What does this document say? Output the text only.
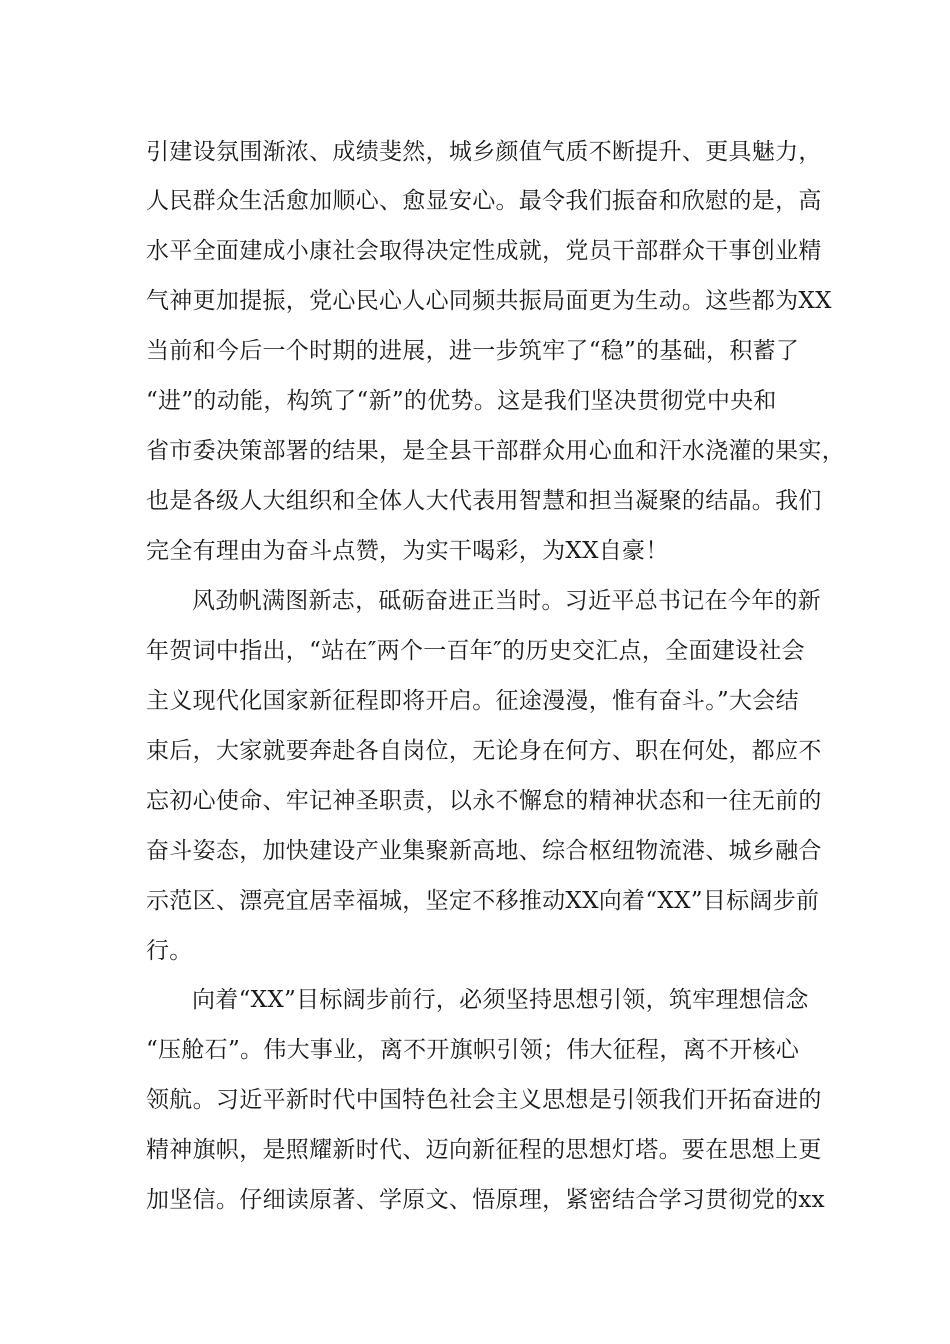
引建设氛围渐浓、成绩斐然，城乡颜值气质不断提升、更具魅力，
人民群众生活愈加顺心、愈显安心。最令我们振奋和欣慰的是，高
水平全面建成小康社会取得决定性成就，党员干部群众干事创业精
气神更加提振，党心民心人心同频共振局面更为生动。这些都为XX
当前和今后一个时期的进展，进一步筑牢了“稳”的基础，积蓄了
“进”的动能，构筑了“新”的优势。这是我们坚决贯彻党中央和
省市委决策部署的结果，是全县干部群众用心血和汗水浇灌的果实，
也是各级人大组织和全体人大代表用智慧和担当凝聚的结晶。我们
完全有理由为奋斗点赞，为实干喝彩，为XX自豪！
风劲帆满图新志，砥砺奋进正当时。习近平总书记在今年的新
年贺词中指出，“站在″两个一百年″的历史交汇点，全面建设社会
主义现代化国家新征程即将开启。征途漫漫，惟有奋斗。”大会结
束后，大家就要奔赴各自岗位，无论身在何方、职在何处，都应不
忘初心使命、牢记神圣职责，以永不懈怠的精神状态和一往无前的
奋斗姿态，加快建设产业集聚新高地、综合枢纽物流港、城乡融合
示范区、漂亮宜居幸福城，坚定不移推动XX向着“XX”目标阔步前
行。
向着“XX”目标阔步前行，必须坚持思想引领，筑牢理想信念
“压舱石”。伟大事业，离不开旗帜引领；伟大征程，离不开核心
领航。习近平新时代中国特色社会主义思想是引领我们开拓奋进的
精神旗帜，是照耀新时代、迈向新征程的思想灯塔。要在思想上更
加坚信。仔细读原著、学原文、悟原理，紧密结合学习贯彻党的xx
